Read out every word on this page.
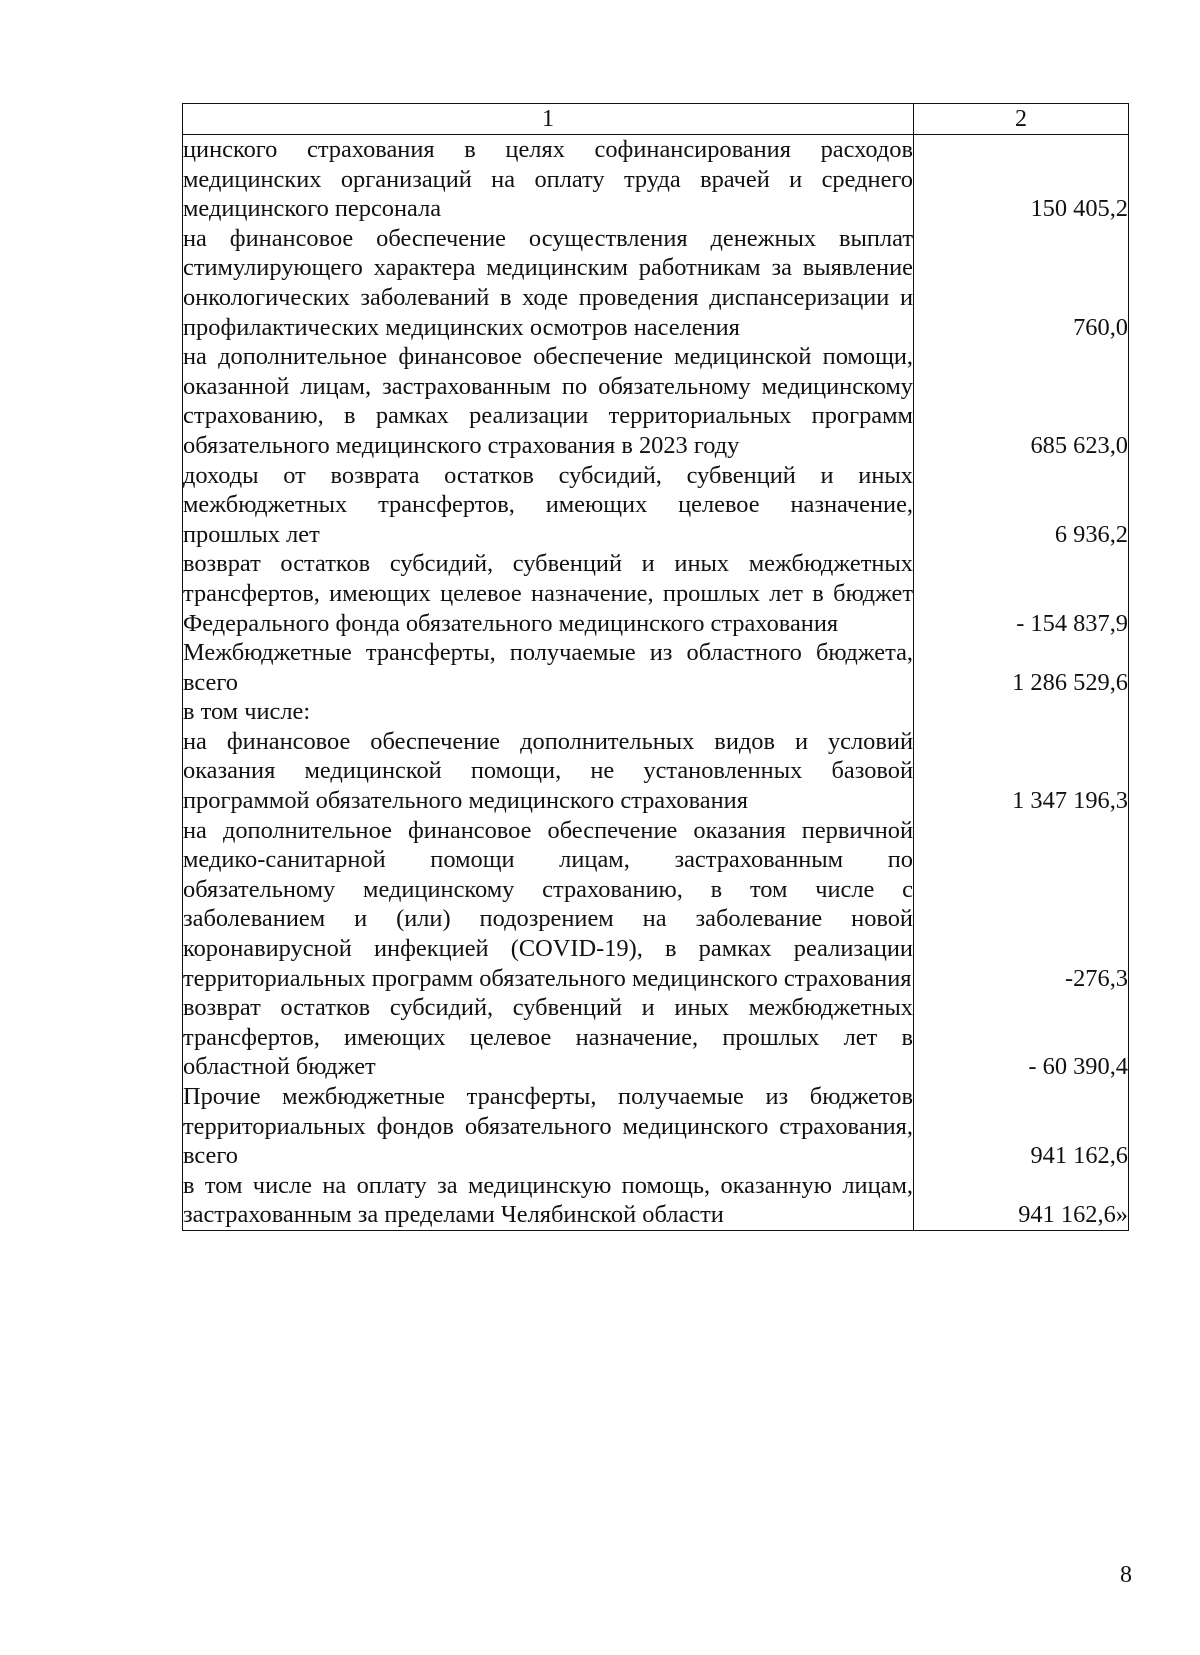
1	2
цинского страхования в целях софинансирования расходов медицинских организаций на оплату труда врачей и среднего медицинского персонала	150 405,2
на финансовое обеспечение осуществления денежных выплат стимулирующего характера медицинским работникам за выявление онкологических заболеваний в ходе проведения диспансеризации и профилактических медицинских осмотров населения	760,0
на дополнительное финансовое обеспечение медицинской помощи, оказанной лицам, застрахованным по обязательному медицинскому страхованию, в рамках реализации территориальных программ обязательного медицинского страхования в 2023 году	685 623,0
доходы от возврата остатков субсидий, субвенций и иных межбюджетных трансфертов, имеющих целевое назначение, прошлых лет	6 936,2
возврат остатков субсидий, субвенций и иных межбюджетных трансфертов, имеющих целевое назначение, прошлых лет в бюджет Федерального фонда обязательного медицинского страхования	- 154 837,9
Межбюджетные трансферты, получаемые из областного бюджета, всего	1 286 529,6
в том числе:	
на финансовое обеспечение дополнительных видов и условий оказания медицинской помощи, не установленных базовой программой обязательного медицинского страхования	1 347 196,3
на дополнительное финансовое обеспечение оказания первичной медико-санитарной помощи лицам, застрахованным по обязательному медицинскому страхованию, в том числе с заболеванием и (или) подозрением на заболевание новой коронавирусной инфекцией (COVID-19), в рамках реализации территориальных программ обязательного медицинского страхования	-276,3
возврат остатков субсидий, субвенций и иных межбюджетных трансфертов, имеющих целевое назначение, прошлых лет в областной бюджет	- 60 390,4
Прочие межбюджетные трансферты, получаемые из бюджетов территориальных фондов обязательного медицинского страхования, всего	941 162,6
в том числе на оплату за медицинскую помощь, оказанную лицам, застрахованным за пределами Челябинской области	941 162,6»
8
